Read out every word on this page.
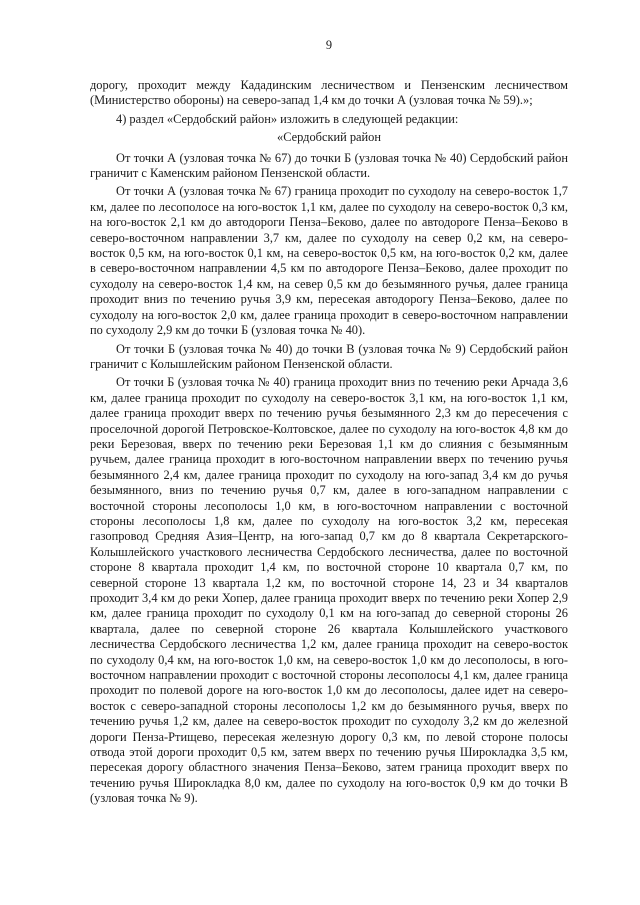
9

дорогу, проходит между Кададинским лесничеством и Пензенским лесничеством (Министерство обороны) на северо-запад 1,4 км до точки А (узловая точка № 59).»;

4) раздел «Сердобский район» изложить в следующей редакции:

«Сердобский район

От точки А (узловая точка № 67) до точки Б (узловая точка № 40) Сердобский район граничит с Каменским районом Пензенской области.

От точки А (узловая точка № 67) граница проходит по суходолу на северо-восток 1,7 км, далее по лесополосе на юго-восток 1,1 км, далее по суходолу на северо-восток 0,3 км, на юго-восток 2,1 км до автодороги Пенза–Беково, далее по автодороге Пенза–Беково в северо-восточном направлении 3,7 км, далее по суходолу на север 0,2 км, на северо-восток 0,5 км, на юго-восток 0,1 км, на северо-восток 0,5 км, на юго-восток 0,2 км, далее в северо-восточном направлении 4,5 км по автодороге Пенза–Беково, далее проходит по суходолу на северо-восток 1,4 км, на север 0,5 км до безымянного ручья, далее граница проходит вниз по течению ручья 3,9 км, пересекая автодорогу Пенза–Беково, далее по суходолу на юго-восток 2,0 км, далее граница проходит в северо-восточном направлении по суходолу 2,9 км до точки Б (узловая точка № 40).

От точки Б (узловая точка № 40) до точки В (узловая точка № 9) Сердобский район граничит с Колышлейским районом Пензенской области.

От точки Б (узловая точка № 40) граница проходит вниз по течению реки Арчада 3,6 км, далее граница проходит по суходолу на северо-восток 3,1 км, на юго-восток 1,1 км, далее граница проходит вверх по течению ручья безымянного 2,3 км до пересечения с проселочной дорогой Петровское-Колтовское, далее по суходолу на юго-восток 4,8 км до реки Березовая, вверх по течению реки Березовая 1,1 км до слияния с безымянным ручьем, далее граница проходит в юго-восточном направлении вверх по течению ручья безымянного 2,4 км, далее граница проходит по суходолу на юго-запад 3,4 км до ручья безымянного, вниз по течению ручья 0,7 км, далее в юго-западном направлении с восточной стороны лесополосы 1,0 км, в юго-восточном направлении с восточной стороны лесополосы 1,8 км, далее по суходолу на юго-восток 3,2 км, пересекая газопровод Средняя Азия–Центр, на юго-запад 0,7 км до 8 квартала Секретарского-Колышлейского участкового лесничества Сердобского лесничества, далее по восточной стороне 8 квартала проходит 1,4 км, по восточной стороне 10 квартала 0,7 км, по северной стороне 13 квартала 1,2 км, по восточной стороне 14, 23 и 34 кварталов проходит 3,4 км до реки Хопер, далее граница проходит вверх по течению реки Хопер 2,9 км, далее граница проходит по суходолу 0,1 км на юго-запад до северной стороны 26 квартала, далее по северной стороне 26 квартала Колышлейского участкового лесничества Сердобского лесничества 1,2 км, далее граница проходит на северо-восток по суходолу 0,4 км, на юго-восток 1,0 км, на северо-восток 1,0 км до лесополосы, в юго-восточном направлении проходит с восточной стороны лесополосы 4,1 км, далее граница проходит по полевой дороге на юго-восток 1,0 км до лесополосы, далее идет на северо-восток с северо-западной стороны лесополосы 1,2 км до безымянного ручья, вверх по течению ручья 1,2 км, далее на северо-восток проходит по суходолу 3,2 км до железной дороги Пенза-Ртищево, пересекая железную дорогу 0,3 км, по левой стороне полосы отвода этой дороги проходит 0,5 км, затем вверх по течению ручья Широкладка 3,5 км, пересекая дорогу областного значения Пенза–Беково, затем граница проходит вверх по течению ручья Широкладка 8,0 км, далее по суходолу на юго-восток 0,9 км до точки В (узловая точка № 9).
